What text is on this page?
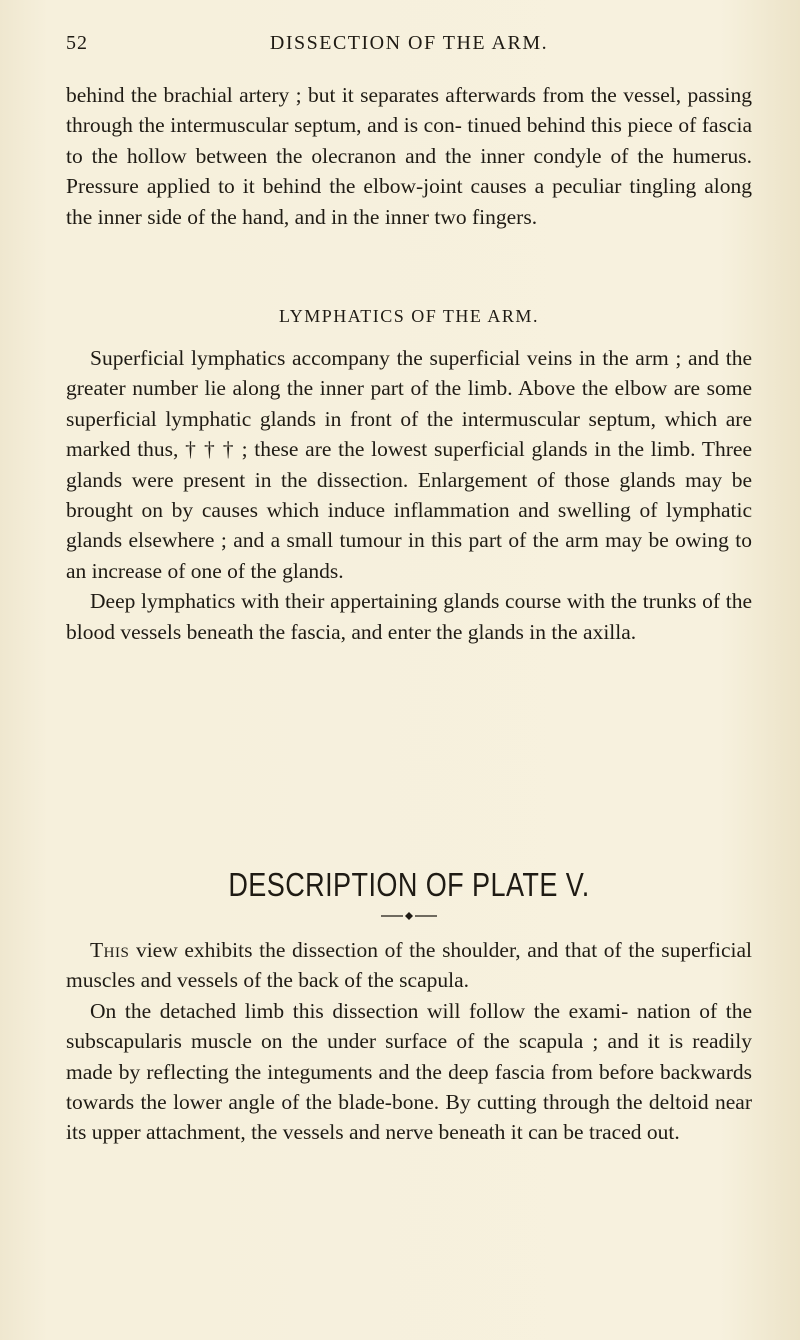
52	DISSECTION OF THE ARM.

behind the brachial artery ; but it separates afterwards from the vessel, passing through the intermuscular septum, and is con- tinued behind this piece of fascia to the hollow between the olecranon and the inner condyle of the humerus. Pressure applied to it behind the elbow-joint causes a peculiar tingling along the inner side of the hand, and in the inner two fingers.

LYMPHATICS OF THE ARM.

Superficial lymphatics accompany the superficial veins in the arm ; and the greater number lie along the inner part of the limb. Above the elbow are some superficial lymphatic glands in front of the intermuscular septum, which are marked thus, † † † ; these are the lowest superficial glands in the limb. Three glands were present in the dissection. Enlargement of those glands may be brought on by causes which induce inflammation and swelling of lymphatic glands elsewhere ; and a small tumour in this part of the arm may be owing to an increase of one of the glands.

Deep lymphatics with their appertaining glands course with the trunks of the blood vessels beneath the fascia, and enter the glands in the axilla.

DESCRIPTION OF PLATE V.

This view exhibits the dissection of the shoulder, and that of the superficial muscles and vessels of the back of the scapula.

On the detached limb this dissection will follow the exami- nation of the subscapularis muscle on the under surface of the scapula ; and it is readily made by reflecting the integuments and the deep fascia from before backwards towards the lower angle of the blade-bone. By cutting through the deltoid near its upper attachment, the vessels and nerve beneath it can be traced out.
